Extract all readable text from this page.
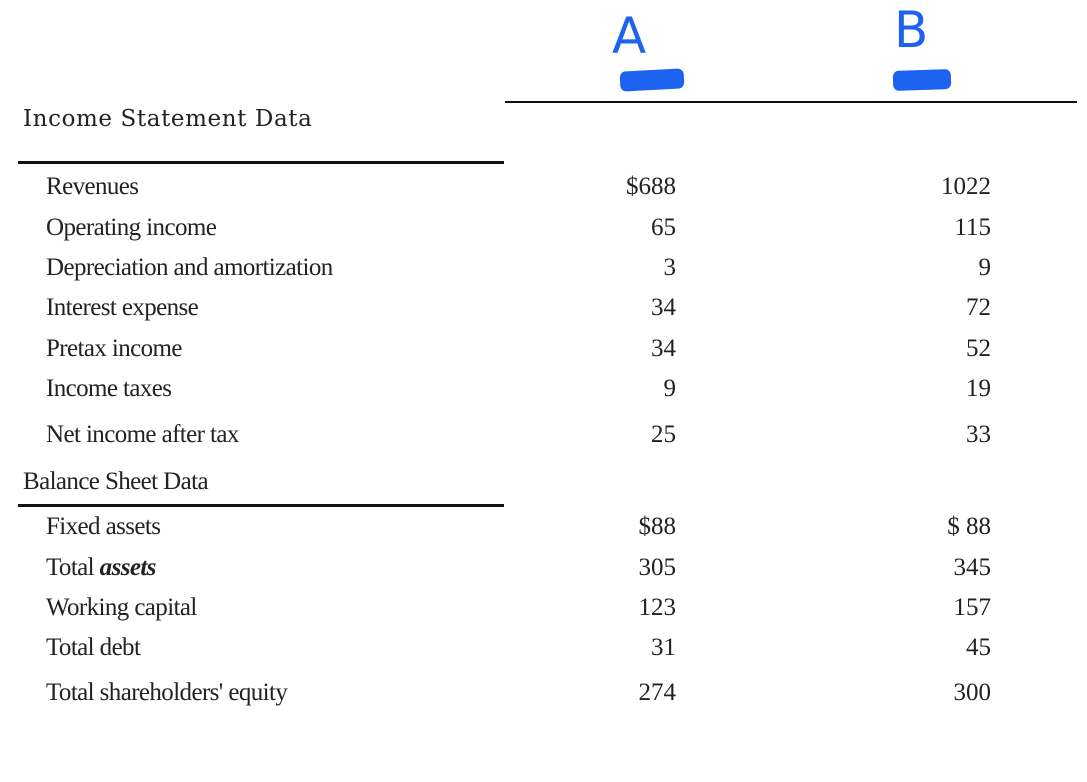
A	B
Income Statement Data
Revenues	$688	1022
Operating income	65	115
Depreciation and amortization	3	9
Interest expense	34	72
Pretax income	34	52
Income taxes	9	19
Net income after tax	25	33
Balance Sheet Data
Fixed assets	$88	$ 88
Total assets	305	345
Working capital	123	157
Total debt	31	45
Total shareholders' equity	274	300
